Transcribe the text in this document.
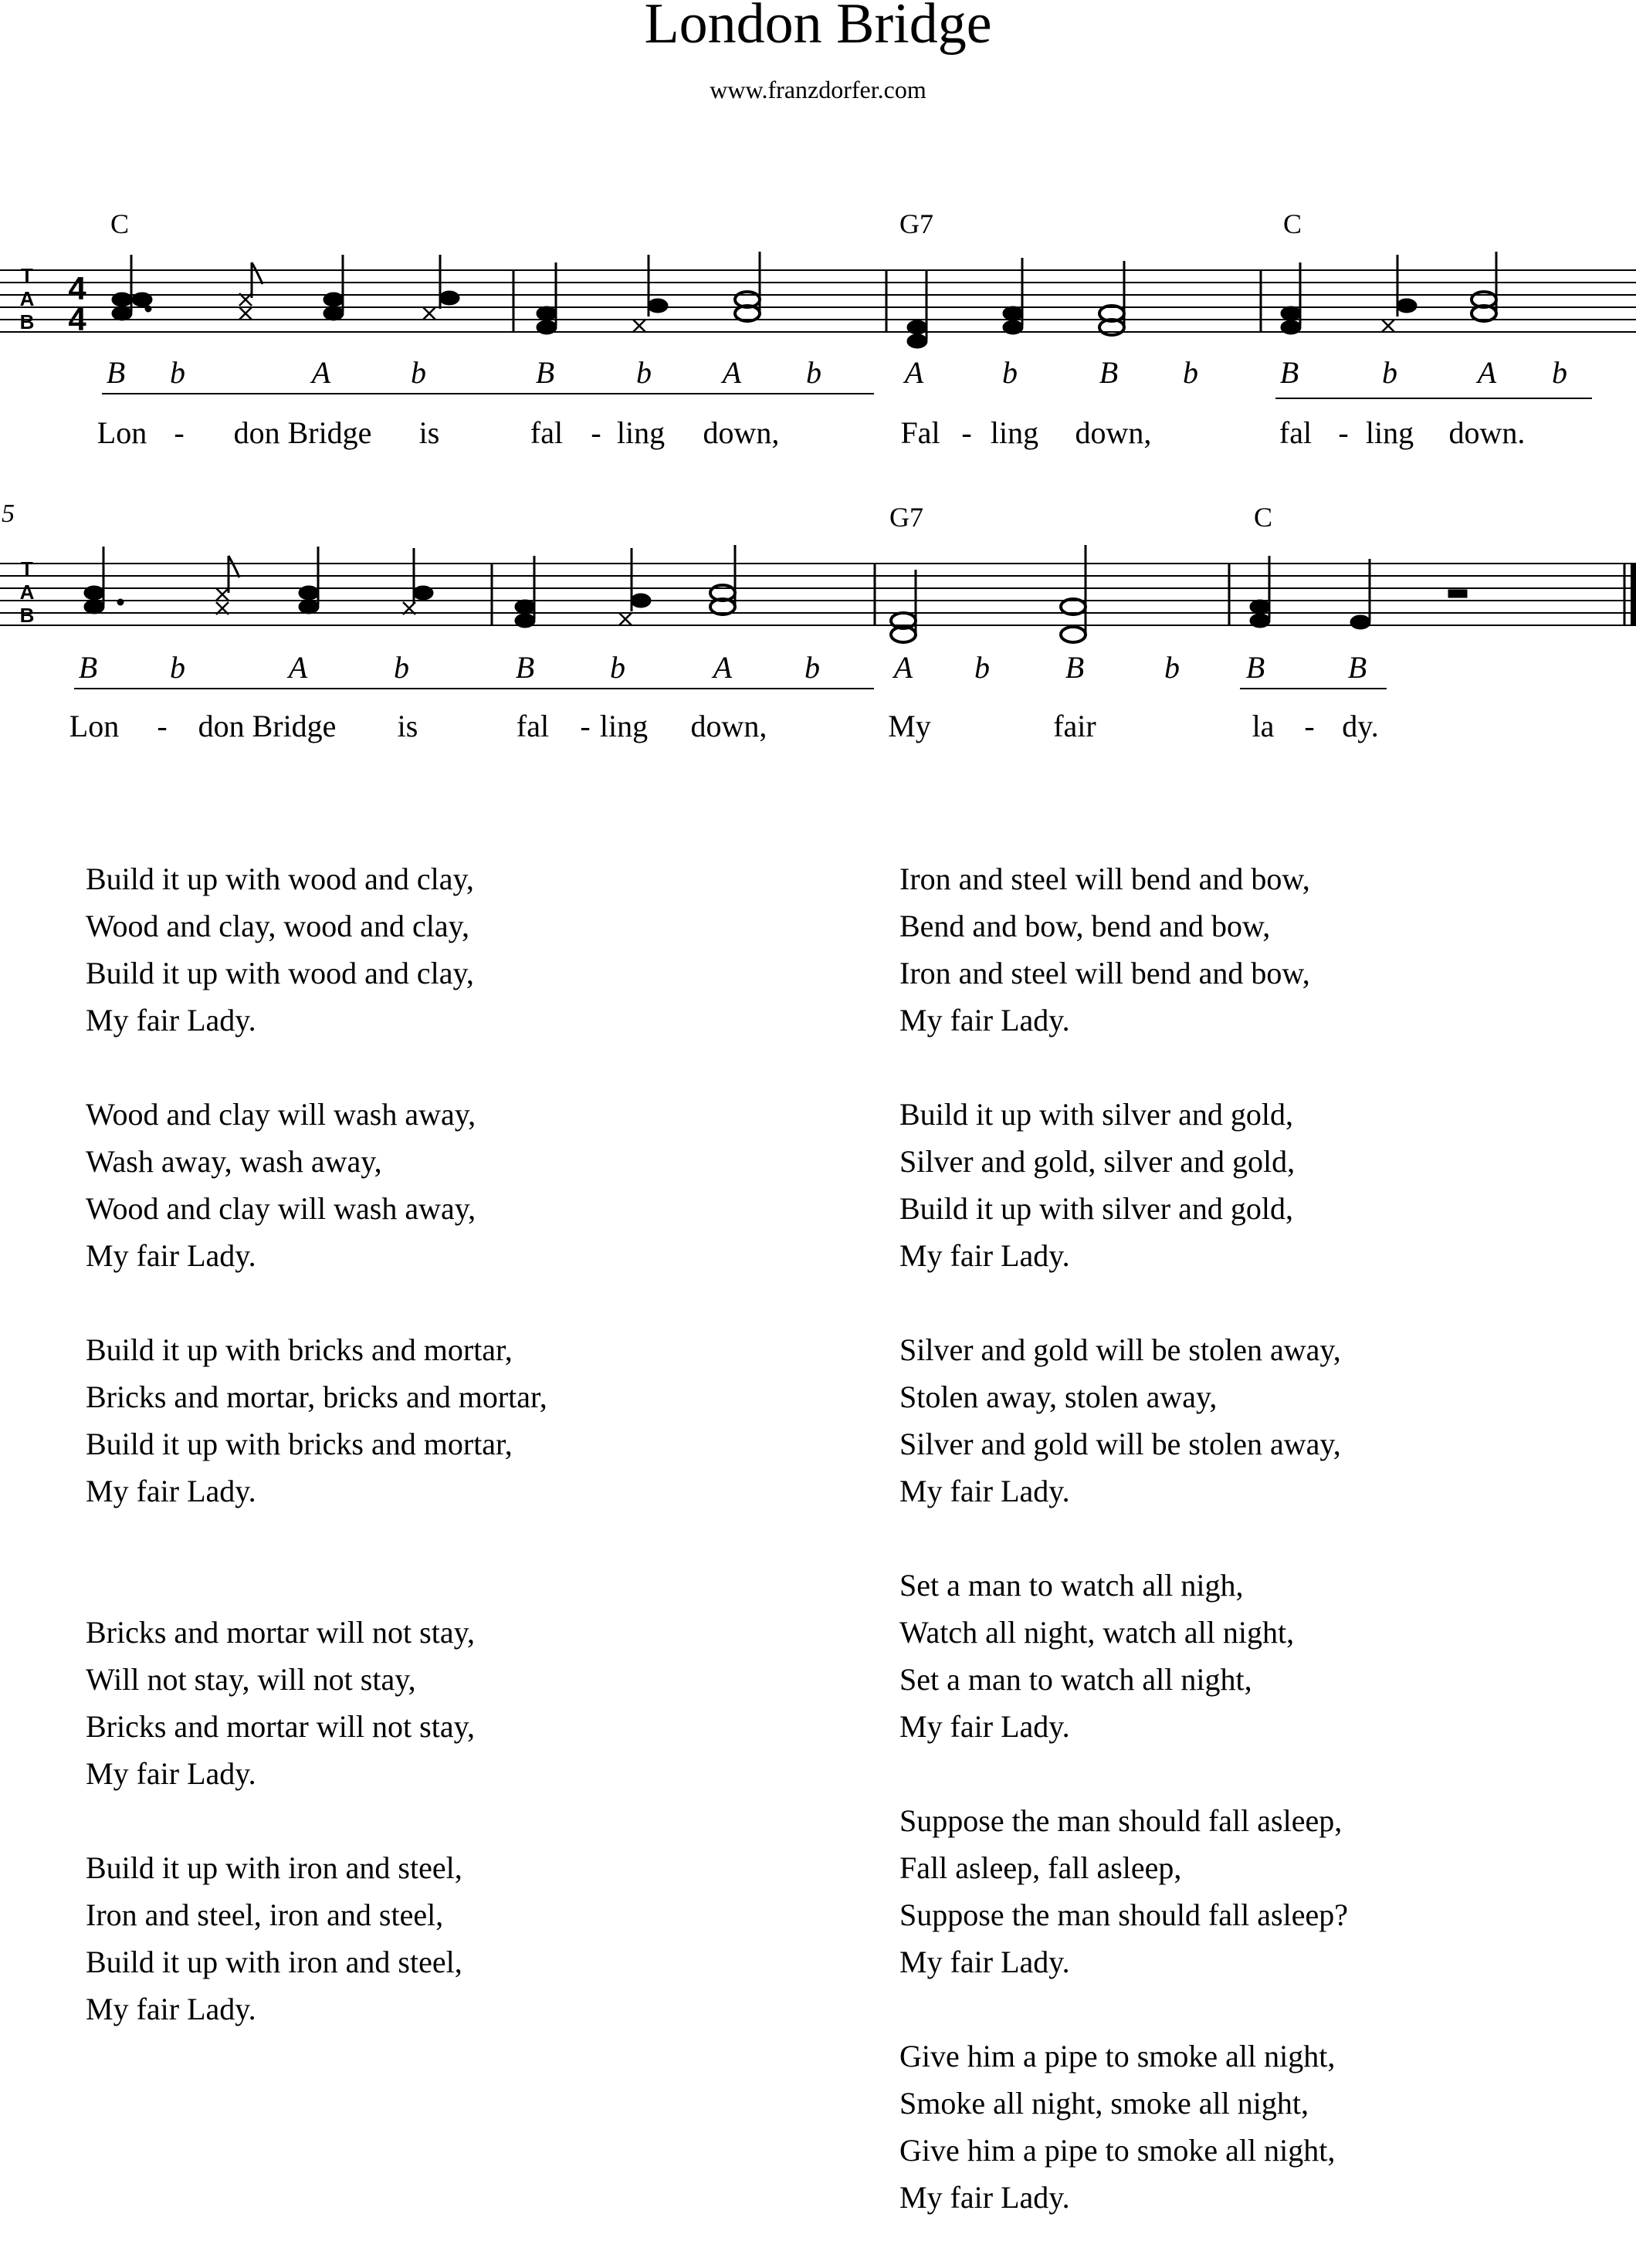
London Bridge
www.franzdorfer.com
T
A
B
4
4
C	G7	C
B b	A	b	B	b A b	A	b	B b	B	b	A b
Lon - don Bridge is	fal - ling down,	Fal - ling down,	fal - ling down.
5
T
A
B
G7	C
B b	A	b	B b	A b A b B	b B	B
Lon - don Bridge is	fal - ling down,	My	fair	la - dy.
Build it up with wood and clay,
Wood and clay, wood and clay,
Build it up with wood and clay,
My fair Lady.
Wood and clay will wash away,
Wash away, wash away,
Wood and clay will wash away,
My fair Lady.
Build it up with bricks and mortar,
Bricks and mortar, bricks and mortar,
Build it up with bricks and mortar,
My fair Lady.
Bricks and mortar will not stay,
Will not stay, will not stay,
Bricks and mortar will not stay,
My fair Lady.
Build it up with iron and steel,
Iron and steel, iron and steel,
Build it up with iron and steel,
My fair Lady.
Iron and steel will bend and bow,
Bend and bow, bend and bow,
Iron and steel will bend and bow,
My fair Lady.
Build it up with silver and gold,
Silver and gold, silver and gold,
Build it up with silver and gold,
My fair Lady.
Silver and gold will be stolen away,
Stolen away, stolen away,
Silver and gold will be stolen away,
My fair Lady.
Set a man to watch all nigh,
Watch all night, watch all night,
Set a man to watch all night,
My fair Lady.
Suppose the man should fall asleep,
Fall asleep, fall asleep,
Suppose the man should fall asleep?
My fair Lady.
Give him a pipe to smoke all night,
Smoke all night, smoke all night,
Give him a pipe to smoke all night,
My fair Lady.
